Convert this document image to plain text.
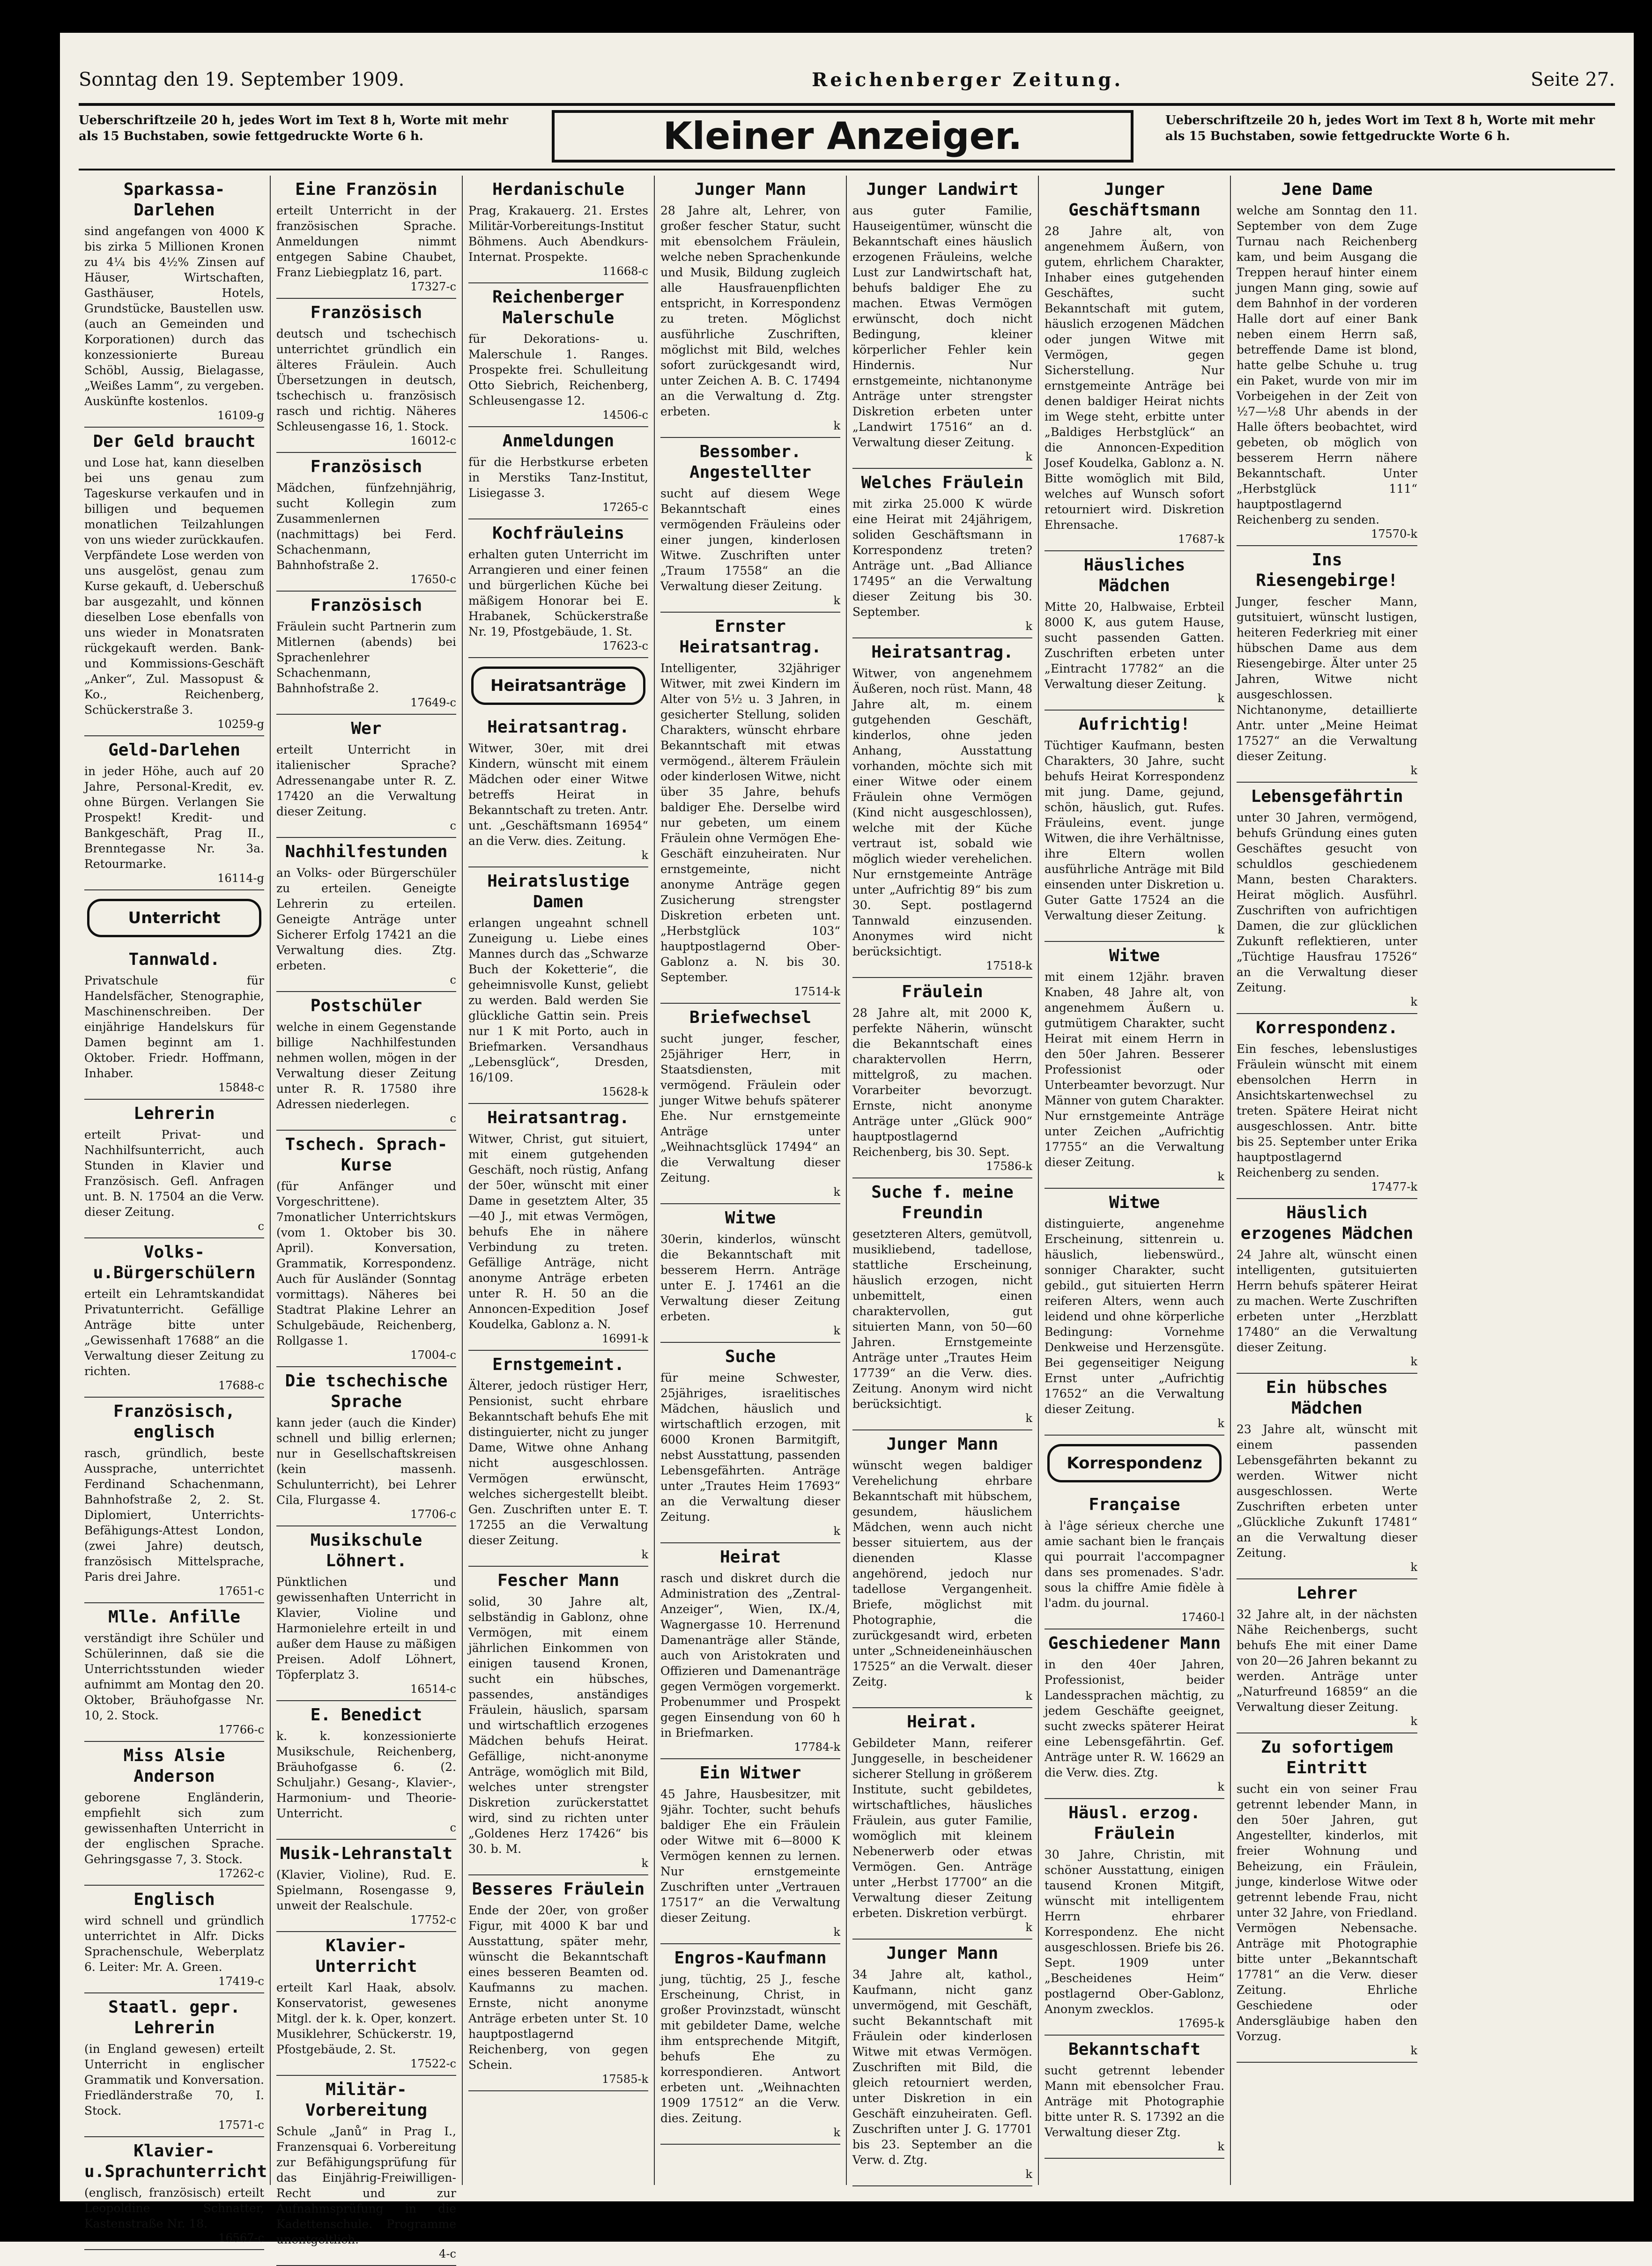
Sonntag den 19. September 1909.	Reichenberger Zeitung.	Seite 27.
Ueberschriftzeile 20 h, jedes Wort im Text 8 h, Worte mit mehr als 15 Buchstaben, sowie fettgedruckte Worte 6 h.	Kleiner Anzeiger.	Ueberschriftzeile 20 h, jedes Wort im Text 8 h, Worte mit mehr als 15 Buchstaben, sowie fettgedruckte Worte 6 h.
Sparkassa-Darlehen

sind angefangen von 4000 K bis zirka 5 Millionen Kronen zu 4¼ bis 4½% Zinsen auf Häuser, Wirtschaften, Gasthäuser, Hotels, Grundstücke, Baustellen usw. (auch an Gemeinden und Korporationen) durch das konzessionierte Bureau Schöbl, Aussig, Bielagasse, „Weißes Lamm“, zu vergeben. Auskünfte kostenlos.

16109-g
Der Geld braucht

und Lose hat, kann dieselben bei uns genau zum Tageskurse verkaufen und in billigen und bequemen monatlichen Teilzahlungen von uns wieder zurückkaufen. Verpfändete Lose werden von uns ausgelöst, genau zum Kurse gekauft, d. Ueberschuß bar ausgezahlt, und können dieselben Lose ebenfalls von uns wieder in Monatsraten rückgekauft werden. Bank- und Kommissions-Geschäft „Anker“, Zul. Massopust & Ko., Reichenberg, Schückerstraße 3.

10259-g
Geld-Darlehen

in jeder Höhe, auch auf 20 Jahre, Personal-Kredit, ev. ohne Bürgen. Verlangen Sie Prospekt! Kredit- und Bankgeschäft, Prag II., Brenntegasse Nr. 3a. Retourmarke.

16114-g
Unterricht
Tannwald.

Privatschule für Handelsfächer, Stenographie, Maschinenschreiben. Der einjährige Handelskurs für Damen beginnt am 1. Oktober. Friedr. Hoffmann, Inhaber.

15848-c
Lehrerin

erteilt Privat- und Nachhilfsunterricht, auch Stunden in Klavier und Französisch. Gefl. Anfragen unt. B. N. 17504 an die Verw. dieser Zeitung.

c
Volks-u.Bürgerschülern

erteilt ein Lehramtskandidat Privatunterricht. Gefällige Anträge bitte unter „Gewissenhaft 17688“ an die Verwaltung dieser Zeitung zu richten.

17688-c
Französisch, englisch

rasch, gründlich, beste Aussprache, unterrichtet Ferdinand Schachenmann, Bahnhofstraße 2, 2. St. Diplomiert, Unterrichts-Befähigungs-Attest London, (zwei Jahre) deutsch, französisch Mittelsprache, Paris drei Jahre.

17651-c
Mlle. Anfille

verständigt ihre Schüler und Schülerinnen, daß sie die Unterrichtsstunden wieder aufnimmt am Montag den 20. Oktober, Bräuhofgasse Nr. 10, 2. Stock.

17766-c
Miss Alsie Anderson

geborene Engländerin, empfiehlt sich zum gewissenhaften Unterricht in der englischen Sprache. Gehringsgasse 7, 3. Stock.

17262-c
Englisch

wird schnell und gründlich unterrichtet in Alfr. Dicks Sprachenschule, Weberplatz 6. Leiter: Mr. A. Green.

17419-c
Staatl. gepr. Lehrerin

(in England gewesen) erteilt Unterricht in englischer Grammatik und Konversation. Friedländerstraße 70, I. Stock.

17571-c
Klavier-u.Sprachunterricht

(englisch, französisch) erteilt Leopoldine Schnatter, Kastenstraße Nr. 18.

16567-c
Eine Französin

erteilt Unterricht in der französischen Sprache. Anmeldungen nimmt entgegen Sabine Chaubet, Franz Liebiegplatz 16, part.

17327-c
Französisch

deutsch und tschechisch unterrichtet gründlich ein älteres Fräulein. Auch Übersetzungen in deutsch, tschechisch u. französisch rasch und richtig. Näheres Schleusengasse 16, 1. Stock.

16012-c
Französisch

Mädchen, fünfzehnjährig, sucht Kollegin zum Zusammenlernen (nachmittags) bei Ferd. Schachenmann, Bahnhofstraße 2.

17650-c
Französisch

Fräulein sucht Partnerin zum Mitlernen (abends) bei Sprachenlehrer Schachenmann, Bahnhofstraße 2.

17649-c
Wer

erteilt Unterricht in italienischer Sprache? Adressenangabe unter R. Z. 17420 an die Verwaltung dieser Zeitung.

c
Nachhilfestunden

an Volks- oder Bürgerschüler zu erteilen. Geneigte Lehrerin zu erteilen. Geneigte Anträge unter Sicherer Erfolg 17421 an die Verwaltung dies. Ztg. erbeten.

c
Postschüler

welche in einem Gegenstande billige Nachhilfestunden nehmen wollen, mögen in der Verwaltung dieser Zeitung unter R. R. 17580 ihre Adressen niederlegen.

c
Tschech. Sprach-Kurse

(für Anfänger und Vorgeschrittene). 7monatlicher Unterrichtskurs (vom 1. Oktober bis 30. April). Konversation, Grammatik, Korrespondenz. Auch für Ausländer (Sonntag vormittags). Näheres bei Stadtrat Plakine Lehrer an Schulgebäude, Reichenberg, Rollgasse 1.

17004-c
Die tschechische Sprache

kann jeder (auch die Kinder) schnell und billig erlernen; nur in Gesellschaftskreisen (kein massenh. Schulunterricht), bei Lehrer Cila, Flurgasse 4.

17706-c
Musikschule Löhnert.

Pünktlichen und gewissenhaften Unterricht in Klavier, Violine und Harmonielehre erteilt in und außer dem Hause zu mäßigen Preisen. Adolf Löhnert, Töpferplatz 3.

16514-c
E. Benedict

k. k. konzessionierte Musikschule, Reichenberg, Bräuhofgasse 6. (2. Schuljahr.) Gesang-, Klavier-, Harmonium- und Theorie-Unterricht.

c
Musik-Lehranstalt

(Klavier, Violine), Rud. E. Spielmann, Rosengasse 9, unweit der Realschule.

17752-c
Klavier-Unterricht

erteilt Karl Haak, absolv. Konservatorist, gewesenes Mitgl. der k. k. Oper, konzert. Musiklehrer, Schückerstr. 19, Pfostgebäude, 2. St.

17522-c
Militär-Vorbereitung

Schule „Janů“ in Prag I., Franzensquai 6. Vorbereitung zur Befähigungsprüfung für das Einjährig-Freiwilligen-Recht und zur Aufnahmsprüfung in die Kadettenschule. Programme unentgeltlich.

4-c
Herdanischule

Prag, Krakauerg. 21. Erstes Militär-Vorbereitungs-Institut Böhmens. Auch Abendkurs-Internat. Prospekte.

11668-c
Reichenberger Malerschule

für Dekorations- u. Malerschule 1. Ranges. Prospekte frei. Schulleitung Otto Siebrich, Reichenberg, Schleusengasse 12.

14506-c
Anmeldungen

für die Herbstkurse erbeten in Merstiks Tanz-Institut, Lisiegasse 3.

17265-c
Kochfräuleins

erhalten guten Unterricht im Arrangieren und einer feinen und bürgerlichen Küche bei mäßigem Honorar bei E. Hrabanek, Schückerstraße Nr. 19, Pfostgebäude, 1. St.

17623-c
Heiratsanträge
Heiratsantrag.

Witwer, 30er, mit drei Kindern, wünscht mit einem Mädchen oder einer Witwe betreffs Heirat in Bekanntschaft zu treten. Antr. unt. „Geschäftsmann 16954“ an die Verw. dies. Zeitung.

k
Heiratslustige Damen

erlangen ungeahnt schnell Zuneigung u. Liebe eines Mannes durch das „Schwarze Buch der Koketterie“, die geheimnisvolle Kunst, geliebt zu werden. Bald werden Sie glückliche Gattin sein. Preis nur 1 K mit Porto, auch in Briefmarken. Versandhaus „Lebensglück“, Dresden, 16/109.

15628-k
Heiratsantrag.

Witwer, Christ, gut situiert, mit einem gutgehenden Geschäft, noch rüstig, Anfang der 50er, wünscht mit einer Dame in gesetztem Alter, 35—40 J., mit etwas Vermögen, behufs Ehe in nähere Verbindung zu treten. Gefällige Anträge, nicht anonyme Anträge erbeten unter R. H. 50 an die Annoncen-Expedition Josef Koudelka, Gablonz a. N.

16991-k
Ernstgemeint.

Älterer, jedoch rüstiger Herr, Pensionist, sucht ehrbare Bekanntschaft behufs Ehe mit distinguierter, nicht zu junger Dame, Witwe ohne Anhang nicht ausgeschlossen. Vermögen erwünscht, welches sichergestellt bleibt. Gen. Zuschriften unter E. T. 17255 an die Verwaltung dieser Zeitung.

k
Fescher Mann

solid, 30 Jahre alt, selbständig in Gablonz, ohne Vermögen, mit einem jährlichen Einkommen von einigen tausend Kronen, sucht ein hübsches, passendes, anständiges Fräulein, häuslich, sparsam und wirtschaftlich erzogenes Mädchen behufs Heirat. Gefällige, nicht-anonyme Anträge, womöglich mit Bild, welches unter strengster Diskretion zurückerstattet wird, sind zu richten unter „Goldenes Herz 17426“ bis 30. b. M.

k
Besseres Fräulein

Ende der 20er, von großer Figur, mit 4000 K bar und Ausstattung, später mehr, wünscht die Bekanntschaft eines besseren Beamten od. Kaufmanns zu machen. Ernste, nicht anonyme Anträge erbeten unter St. 10 hauptpostlagernd Reichenberg, von gegen Schein.

17585-k
Junger Mann

28 Jahre alt, Lehrer, von großer fescher Statur, sucht mit ebensolchem Fräulein, welche neben Sprachenkunde und Musik, Bildung zugleich alle Hausfrauenpflichten entspricht, in Korrespondenz zu treten. Möglichst ausführliche Zuschriften, möglichst mit Bild, welches sofort zurückgesandt wird, unter Zeichen A. B. C. 17494 an die Verwaltung d. Ztg. erbeten.

k
Bessomber. Angestellter

sucht auf diesem Wege Bekanntschaft eines vermögenden Fräuleins oder einer jungen, kinderlosen Witwe. Zuschriften unter „Traum 17558“ an die Verwaltung dieser Zeitung.

k
Ernster Heiratsantrag.

Intelligenter, 32jähriger Witwer, mit zwei Kindern im Alter von 5½ u. 3 Jahren, in gesicherter Stellung, soliden Charakters, wünscht ehrbare Bekanntschaft mit etwas vermögend., älterem Fräulein oder kinderlosen Witwe, nicht über 35 Jahre, behufs baldiger Ehe. Derselbe wird nur gebeten, um einem Fräulein ohne Vermögen Ehe-Geschäft einzuheiraten. Nur ernstgemeinte, nicht anonyme Anträge gegen Zusicherung strengster Diskretion erbeten unt. „Herbstglück 103“ hauptpostlagernd Ober-Gablonz a. N. bis 30. September.

17514-k
Briefwechsel

sucht junger, fescher, 25jähriger Herr, in Staatsdiensten, mit vermögend. Fräulein oder junger Witwe behufs späterer Ehe. Nur ernstgemeinte Anträge unter „Weihnachtsglück 17494“ an die Verwaltung dieser Zeitung.

k
Witwe

30erin, kinderlos, wünscht die Bekanntschaft mit besserem Herrn. Anträge unter E. J. 17461 an die Verwaltung dieser Zeitung erbeten.

k
Suche

für meine Schwester, 25jähriges, israelitisches Mädchen, häuslich und wirtschaftlich erzogen, mit 6000 Kronen Barmitgift, nebst Ausstattung, passenden Lebensgefährten. Anträge unter „Trautes Heim 17693“ an die Verwaltung dieser Zeitung.

k
Heirat

rasch und diskret durch die Administration des „Zentral-Anzeiger“, Wien, IX./4, Wagnergasse 10. Herrenund Damenanträge aller Stände, auch von Aristokraten und Offizieren und Damenanträge gegen Vermögen vorgemerkt. Probenummer und Prospekt gegen Einsendung von 60 h in Briefmarken.

17784-k
Ein Witwer

45 Jahre, Hausbesitzer, mit 9jähr. Tochter, sucht behufs baldiger Ehe ein Fräulein oder Witwe mit 6—8000 K Vermögen kennen zu lernen. Nur ernstgemeinte Zuschriften unter „Vertrauen 17517“ an die Verwaltung dieser Zeitung.

k
Engros-Kaufmann

jung, tüchtig, 25 J., fesche Erscheinung, Christ, in großer Provinzstadt, wünscht mit gebildeter Dame, welche ihm entsprechende Mitgift, behufs Ehe zu korrespondieren. Antwort erbeten unt. „Weihnachten 1909 17512“ an die Verw. dies. Zeitung.

k
Junger Landwirt

aus guter Familie, Hauseigentümer, wünscht die Bekanntschaft eines häuslich erzogenen Fräuleins, welche Lust zur Landwirtschaft hat, behufs baldiger Ehe zu machen. Etwas Vermögen erwünscht, doch nicht Bedingung, kleiner körperlicher Fehler kein Hindernis. Nur ernstgemeinte, nichtanonyme Anträge unter strengster Diskretion erbeten unter „Landwirt 17516“ an d. Verwaltung dieser Zeitung.

k
Welches Fräulein

mit zirka 25.000 K würde eine Heirat mit 24jährigem, soliden Geschäftsmann in Korrespondenz treten? Anträge unt. „Bad Alliance 17495“ an die Verwaltung dieser Zeitung bis 30. September.

k
Heiratsantrag.

Witwer, von angenehmem Äußeren, noch rüst. Mann, 48 Jahre alt, m. einem gutgehenden Geschäft, kinderlos, ohne jeden Anhang, Ausstattung vorhanden, möchte sich mit einer Witwe oder einem Fräulein ohne Vermögen (Kind nicht ausgeschlossen), welche mit der Küche vertraut ist, sobald wie möglich wieder verehelichen. Nur ernstgemeinte Anträge unter „Aufrichtig 89“ bis zum 30. Sept. postlagernd Tannwald einzusenden. Anonymes wird nicht berücksichtigt.

17518-k
Fräulein

28 Jahre alt, mit 2000 K, perfekte Näherin, wünscht die Bekanntschaft eines charaktervollen Herrn, mittelgroß, zu machen. Vorarbeiter bevorzugt. Ernste, nicht anonyme Anträge unter „Glück 900“ hauptpostlagernd Reichenberg, bis 30. Sept.

17586-k
Suche f. meine Freundin

gesetzteren Alters, gemütvoll, musikliebend, tadellose, stattliche Erscheinung, häuslich erzogen, nicht unbemittelt, einen charaktervollen, gut situierten Mann, von 50—60 Jahren. Ernstgemeinte Anträge unter „Trautes Heim 17739“ an die Verw. dies. Zeitung. Anonym wird nicht berücksichtigt.

k
Junger Mann

wünscht wegen baldiger Verehelichung ehrbare Bekanntschaft mit hübschem, gesundem, häuslichem Mädchen, wenn auch nicht besser situiertem, aus der dienenden Klasse angehörend, jedoch nur tadellose Vergangenheit. Briefe, möglichst mit Photographie, die zurückgesandt wird, erbeten unter „Schneideneinhäuschen 17525“ an die Verwalt. dieser Zeitg.

k
Heirat.

Gebildeter Mann, reiferer Junggeselle, in bescheidener sicherer Stellung in größerem Institute, sucht gebildetes, wirtschaftliches, häusliches Fräulein, aus guter Familie, womöglich mit kleinem Nebenerwerb oder etwas Vermögen. Gen. Anträge unter „Herbst 17700“ an die Verwaltung dieser Zeitung erbeten. Diskretion verbürgt.

k
Junger Mann

34 Jahre alt, kathol., Kaufmann, nicht ganz unvermögend, mit Geschäft, sucht Bekanntschaft mit Fräulein oder kinderlosen Witwe mit etwas Vermögen. Zuschriften mit Bild, die gleich retourniert werden, unter Diskretion in ein Geschäft einzuheiraten. Gefl. Zuschriften unter J. G. 17701 bis 23. September an die Verw. d. Ztg.

k
Junger Geschäftsmann

28 Jahre alt, von angenehmem Äußern, von gutem, ehrlichem Charakter, Inhaber eines gutgehenden Geschäftes, sucht Bekanntschaft mit gutem, häuslich erzogenen Mädchen oder jungen Witwe mit Vermögen, gegen Sicherstellung. Nur ernstgemeinte Anträge bei denen baldiger Heirat nichts im Wege steht, erbitte unter „Baldiges Herbstglück“ an die Annoncen-Expedition Josef Koudelka, Gablonz a. N. Bitte womöglich mit Bild, welches auf Wunsch sofort retourniert wird. Diskretion Ehrensache.

17687-k
Häusliches Mädchen

Mitte 20, Halbwaise, Erbteil 8000 K, aus gutem Hause, sucht passenden Gatten. Zuschriften erbeten unter „Eintracht 17782“ an die Verwaltung dieser Zeitung.

k
Aufrichtig!

Tüchtiger Kaufmann, besten Charakters, 30 Jahre, sucht behufs Heirat Korrespondenz mit jung. Dame, gejund, schön, häuslich, gut. Rufes. Fräuleins, event. junge Witwen, die ihre Verhältnisse, ihre Eltern wollen ausführliche Anträge mit Bild einsenden unter Diskretion u. Guter Gatte 17524 an die Verwaltung dieser Zeitung.

k
Witwe

mit einem 12jähr. braven Knaben, 48 Jahre alt, von angenehmem Äußern u. gutmütigem Charakter, sucht Heirat mit einem Herrn in den 50er Jahren. Besserer Professionist oder Unterbeamter bevorzugt. Nur Männer von gutem Charakter. Nur ernstgemeinte Anträge unter Zeichen „Aufrichtig 17755“ an die Verwaltung dieser Zeitung.

k
Witwe

distinguierte, angenehme Erscheinung, sittenrein u. häuslich, liebenswürd., sonniger Charakter, sucht gebild., gut situierten Herrn reiferen Alters, wenn auch leidend und ohne körperliche Bedingung: Vornehme Denkweise und Herzensgüte. Bei gegenseitiger Neigung Ernst unter „Aufrichtig 17652“ an die Verwaltung dieser Zeitung.

k
Korrespondenz
Française

à l'âge sérieux cherche une amie sachant bien le français qui pourrait l'accompagner dans ses promenades. S'adr. sous la chiffre Amie fidèle à l'adm. du journal.

17460-l
Geschiedener Mann

in den 40er Jahren, Professionist, beider Landessprachen mächtig, zu jedem Geschäfte geeignet, sucht zwecks späterer Heirat eine Lebensgefährtin. Gef. Anträge unter R. W. 16629 an die Verw. dies. Ztg.

k
Häusl. erzog. Fräulein

30 Jahre, Christin, mit schöner Ausstattung, einigen tausend Kronen Mitgift, wünscht mit intelligentem Herrn ehrbarer Korrespondenz. Ehe nicht ausgeschlossen. Briefe bis 26. Sept. 1909 unter „Bescheidenes Heim“ postlagernd Ober-Gablonz, Anonym zwecklos.

17695-k
Bekanntschaft

sucht getrennt lebender Mann mit ebensolcher Frau. Anträge mit Photographie bitte unter R. S. 17392 an die Verwaltung dieser Ztg.

k
Jene Dame

welche am Sonntag den 11. September von dem Zuge Turnau nach Reichenberg kam, und beim Ausgang die Treppen herauf hinter einem jungen Mann ging, sowie auf dem Bahnhof in der vorderen Halle dort auf einer Bank neben einem Herrn saß, betreffende Dame ist blond, hatte gelbe Schuhe u. trug ein Paket, wurde von mir im Vorbeigehen in der Zeit von ½7—½8 Uhr abends in der Halle öfters beobachtet, wird gebeten, ob möglich von besserem Herrn nähere Bekanntschaft. Unter „Herbstglück 111“ hauptpostlagernd Reichenberg zu senden.

17570-k
Ins Riesengebirge!

Junger, fescher Mann, gutsituiert, wünscht lustigen, heiteren Federkrieg mit einer hübschen Dame aus dem Riesengebirge. Älter unter 25 Jahren, Witwe nicht ausgeschlossen. Nichtanonyme, detaillierte Antr. unter „Meine Heimat 17527“ an die Verwaltung dieser Zeitung.

k
Lebensgefährtin

unter 30 Jahren, vermögend, behufs Gründung eines guten Geschäftes gesucht von schuldlos geschiedenem Mann, besten Charakters. Heirat möglich. Ausführl. Zuschriften von aufrichtigen Damen, die zur glücklichen Zukunft reflektieren, unter „Tüchtige Hausfrau 17526“ an die Verwaltung dieser Zeitung.

k
Korrespondenz.

Ein fesches, lebenslustiges Fräulein wünscht mit einem ebensolchen Herrn in Ansichtskartenwechsel zu treten. Spätere Heirat nicht ausgeschlossen. Antr. bitte bis 25. September unter Erika hauptpostlagernd Reichenberg zu senden.

17477-k
Häuslich erzogenes Mädchen

24 Jahre alt, wünscht einen intelligenten, gutsituierten Herrn behufs späterer Heirat zu machen. Werte Zuschriften erbeten unter „Herzblatt 17480“ an die Verwaltung dieser Zeitung.

k
Ein hübsches Mädchen

23 Jahre alt, wünscht mit einem passenden Lebensgefährten bekannt zu werden. Witwer nicht ausgeschlossen. Werte Zuschriften erbeten unter „Glückliche Zukunft 17481“ an die Verwaltung dieser Zeitung.

k
Lehrer

32 Jahre alt, in der nächsten Nähe Reichenbergs, sucht behufs Ehe mit einer Dame von 20—26 Jahren bekannt zu werden. Anträge unter „Naturfreund 16859“ an die Verwaltung dieser Zeitung.

k
Zu sofortigem Eintritt

sucht ein von seiner Frau getrennt lebender Mann, in den 50er Jahren, gut Angestellter, kinderlos, mit freier Wohnung und Beheizung, ein Fräulein, junge, kinderlose Witwe oder getrennt lebende Frau, nicht unter 32 Jahre, von Friedland. Vermögen Nebensache. Anträge mit Photographie bitte unter „Bekanntschaft 17781“ an die Verw. dieser Zeitung. Ehrliche Geschiedene oder Andersgläubige haben den Vorzug.

k
